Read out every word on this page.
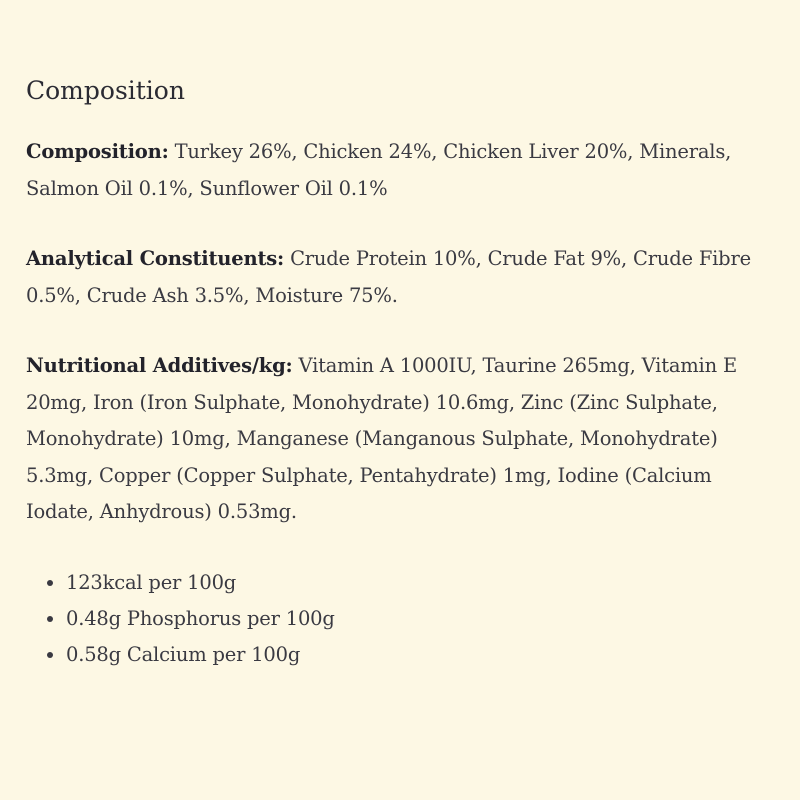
Composition

Composition: Turkey 26%, Chicken 24%, Chicken Liver 20%, Minerals, Salmon Oil 0.1%, Sunflower Oil 0.1%

Analytical Constituents: Crude Protein 10%, Crude Fat 9%, Crude Fibre 0.5%, Crude Ash 3.5%, Moisture 75%.

Nutritional Additives/kg: Vitamin A 1000IU, Taurine 265mg, Vitamin E 20mg, Iron (Iron Sulphate, Monohydrate) 10.6mg, Zinc (Zinc Sulphate, Monohydrate) 10mg, Manganese (Manganous Sulphate, Monohydrate) 5.3mg, Copper (Copper Sulphate, Pentahydrate) 1mg, Iodine (Calcium Iodate, Anhydrous) 0.53mg.

• 123kcal per 100g
• 0.48g Phosphorus per 100g
• 0.58g Calcium per 100g
